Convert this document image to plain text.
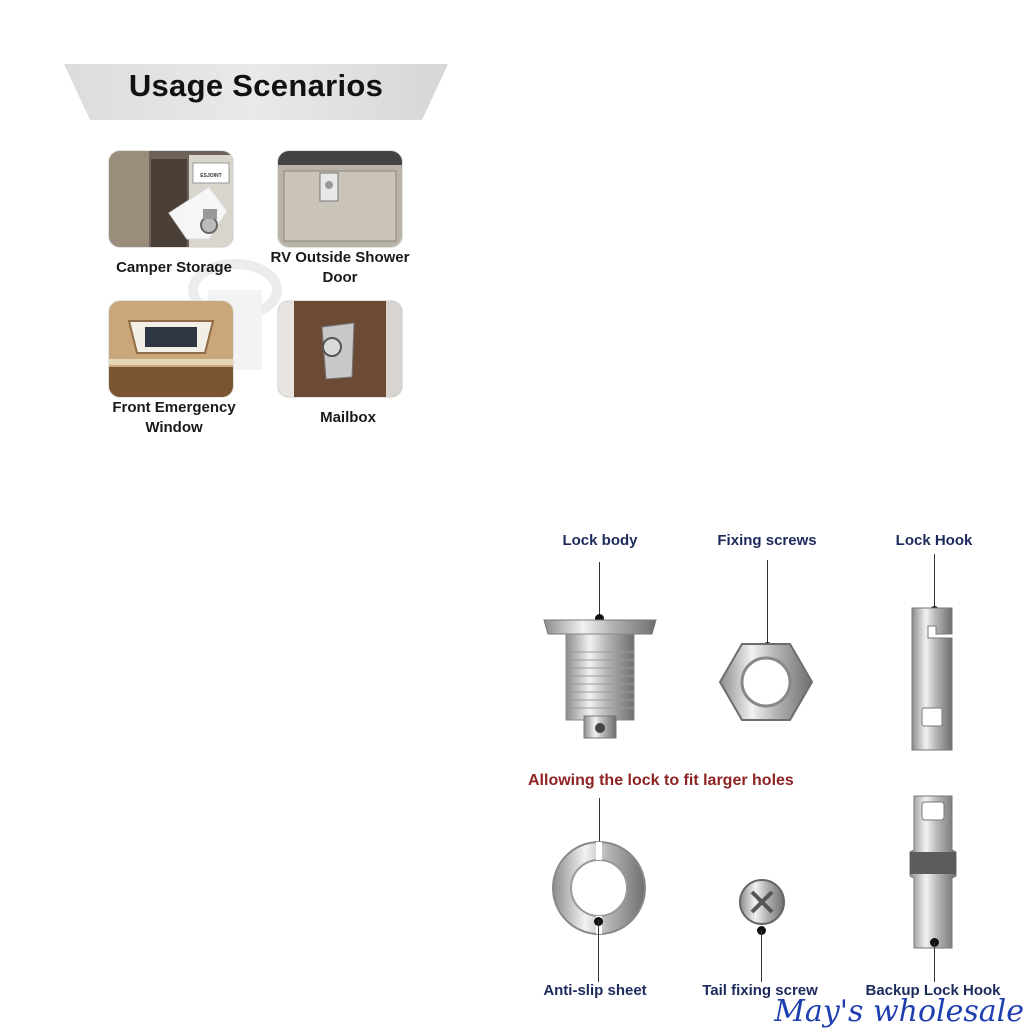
Usage Scenarios
ESJOINT
Camper Storage
RV Outside Shower Door
Front Emergency Window
Mailbox
Lock body	Fixing screws	Lock Hook
Allowing the lock to fit larger holes
Anti-slip sheet	Tail fixing screw	Backup Lock Hook
May's wholesale
